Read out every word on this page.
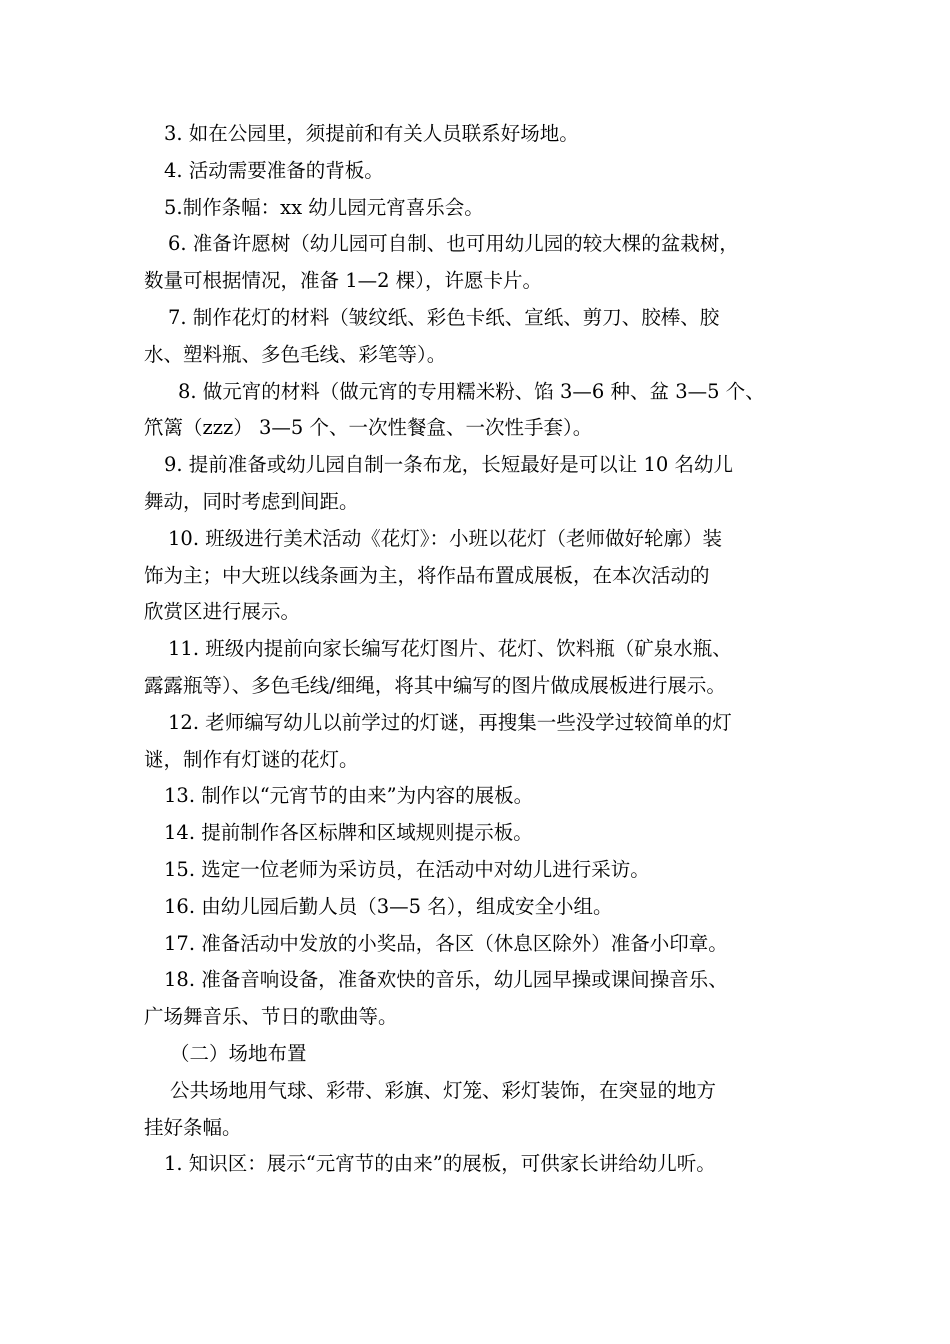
3. 如在公园里，须提前和有关人员联系好场地。
4. 活动需要准备的背板。
5.制作条幅：xx 幼儿园元宵喜乐会。
6. 准备许愿树（幼儿园可自制、也可用幼儿园的较大棵的盆栽树，
数量可根据情况，准备 1—2 棵），许愿卡片。
7. 制作花灯的材料（皱纹纸、彩色卡纸、宣纸、剪刀、胶棒、胶
水、塑料瓶、多色毛线、彩笔等）。
8. 做元宵的材料（做元宵的专用糯米粉、馅 3—6 种、盆 3—5 个、
笊篱（zzz） 3—5 个、一次性餐盒、一次性手套）。
9. 提前准备或幼儿园自制一条布龙，长短最好是可以让 10 名幼儿
舞动，同时考虑到间距。
10. 班级进行美术活动《花灯》：小班以花灯（老师做好轮廓）装
饰为主；中大班以线条画为主，将作品布置成展板，在本次活动的
欣赏区进行展示。
11. 班级内提前向家长编写花灯图片、花灯、饮料瓶（矿泉水瓶、
露露瓶等）、多色毛线/细绳，将其中编写的图片做成展板进行展示。
12. 老师编写幼儿以前学过的灯谜，再搜集一些没学过较简单的灯
谜，制作有灯谜的花灯。
13. 制作以“元宵节的由来”为内容的展板。
14. 提前制作各区标牌和区域规则提示板。
15. 选定一位老师为采访员，在活动中对幼儿进行采访。
16. 由幼儿园后勤人员（3—5 名），组成安全小组。
17. 准备活动中发放的小奖品，各区（休息区除外）准备小印章。
18. 准备音响设备，准备欢快的音乐，幼儿园早操或课间操音乐、
广场舞音乐、节日的歌曲等。
（二）场地布置
公共场地用气球、彩带、彩旗、灯笼、彩灯装饰，在突显的地方
挂好条幅。
1. 知识区：展示“元宵节的由来”的展板，可供家长讲给幼儿听。
